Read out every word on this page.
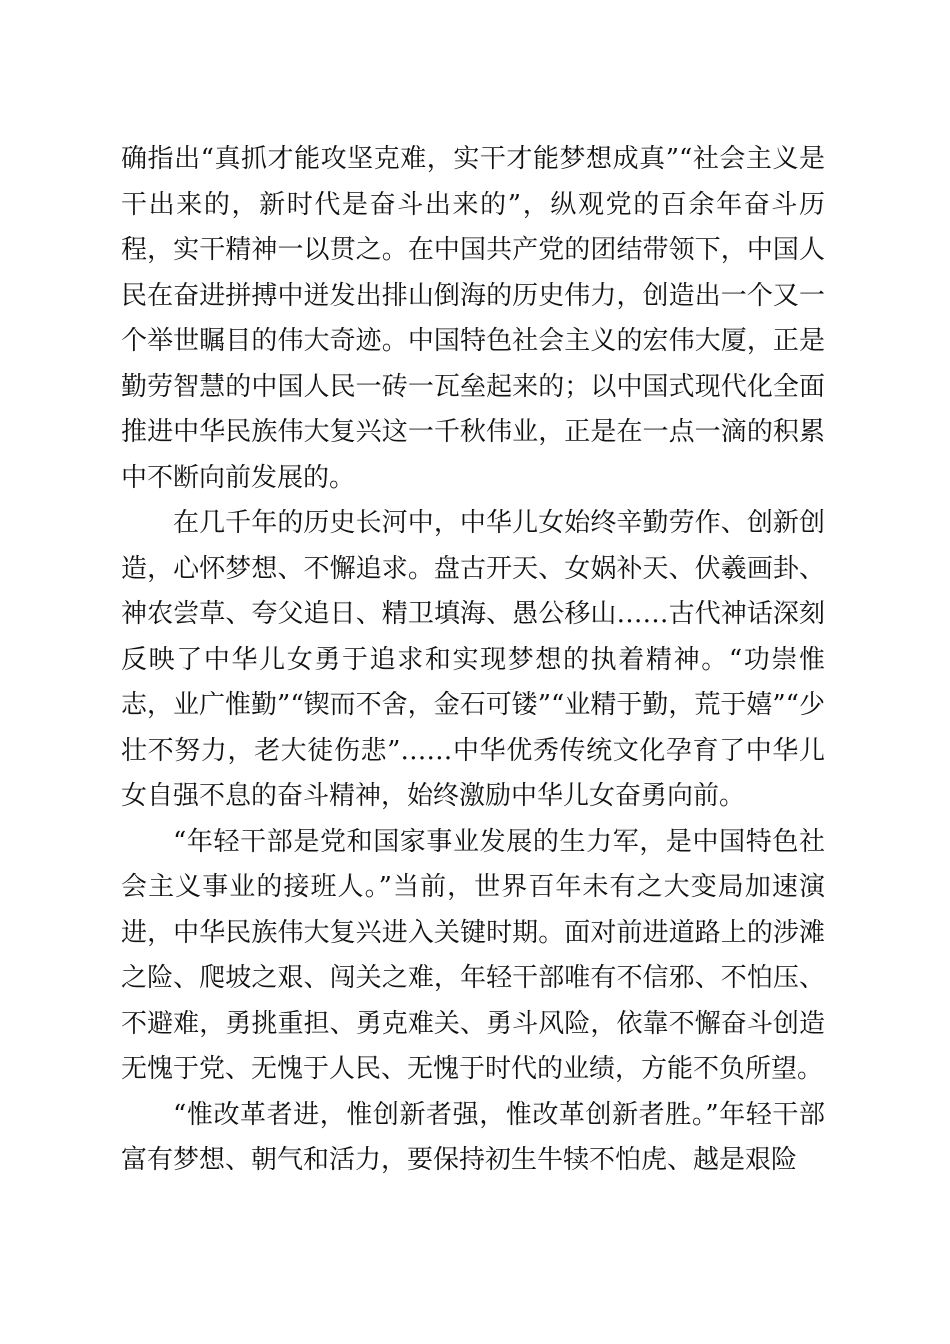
确指出“真抓才能攻坚克难，实干才能梦想成真”“社会主义是干出来的，新时代是奋斗出来的”，纵观党的百余年奋斗历程，实干精神一以贯之。在中国共产党的团结带领下，中国人民在奋进拼搏中迸发出排山倒海的历史伟力，创造出一个又一个举世瞩目的伟大奇迹。中国特色社会主义的宏伟大厦，正是勤劳智慧的中国人民一砖一瓦垒起来的；以中国式现代化全面推进中华民族伟大复兴这一千秋伟业，正是在一点一滴的积累中不断向前发展的。

在几千年的历史长河中，中华儿女始终辛勤劳作、创新创造，心怀梦想、不懈追求。盘古开天、女娲补天、伏羲画卦、神农尝草、夸父追日、精卫填海、愚公移山……古代神话深刻反映了中华儿女勇于追求和实现梦想的执着精神。“功崇惟志，业广惟勤”“锲而不舍，金石可镂”“业精于勤，荒于嬉”“少壮不努力，老大徒伤悲”……中华优秀传统文化孕育了中华儿女自强不息的奋斗精神，始终激励中华儿女奋勇向前。

“年轻干部是党和国家事业发展的生力军，是中国特色社会主义事业的接班人。”当前，世界百年未有之大变局加速演进，中华民族伟大复兴进入关键时期。面对前进道路上的涉滩之险、爬坡之艰、闯关之难，年轻干部唯有不信邪、不怕压、不避难，勇挑重担、勇克难关、勇斗风险，依靠不懈奋斗创造无愧于党、无愧于人民、无愧于时代的业绩，方能不负所望。

“惟改革者进，惟创新者强，惟改革创新者胜。”年轻干部富有梦想、朝气和活力，要保持初生牛犊不怕虎、越是艰险
